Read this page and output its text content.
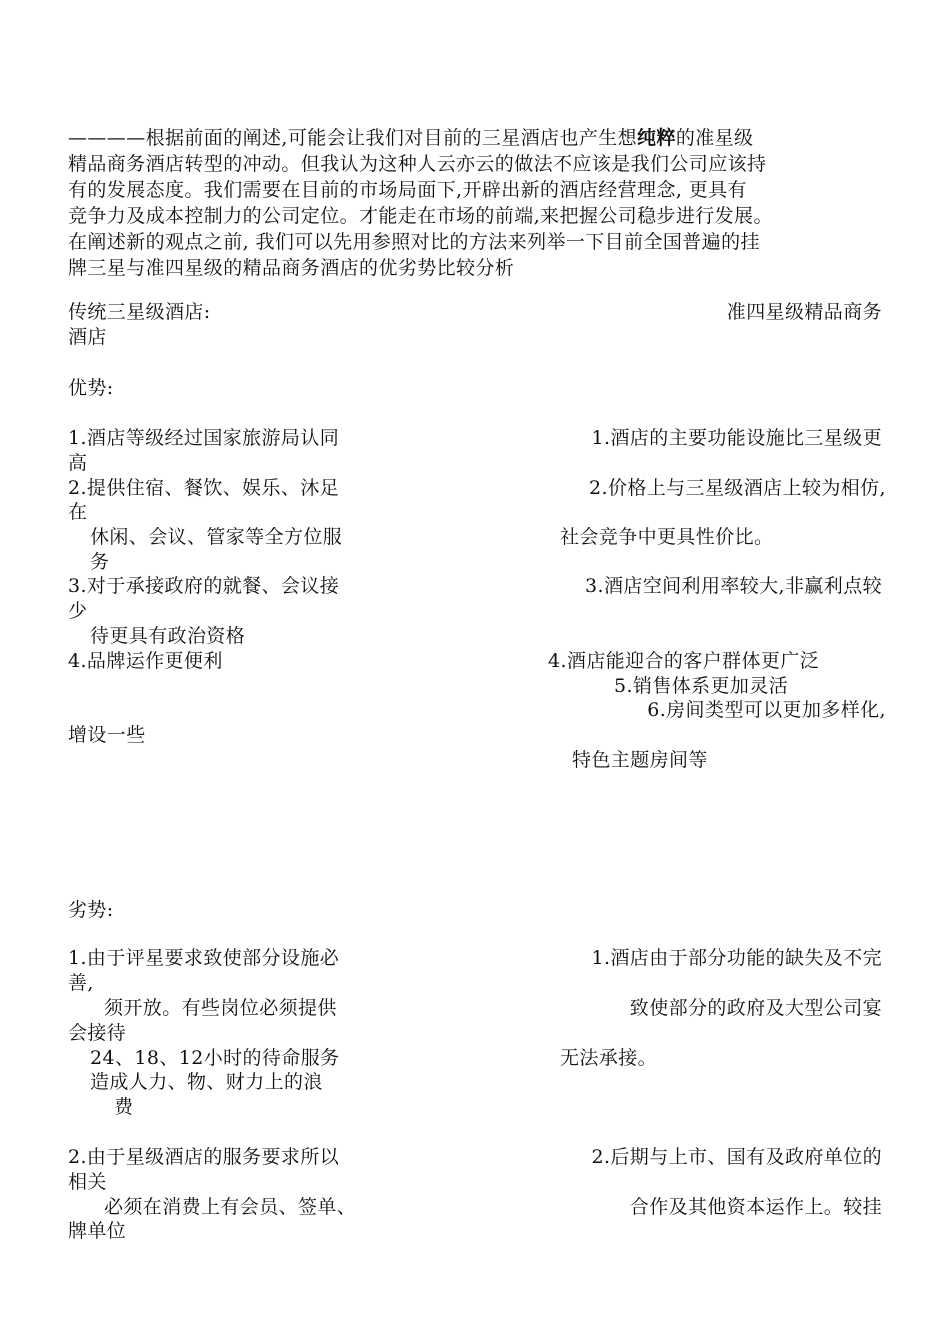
————根据前面的阐述,可能会让我们对目前的三星酒店也产生想纯粹的准星级

精品商务酒店转型的冲动。但我认为这种人云亦云的做法不应该是我们公司应该持

有的发展态度。我们需要在目前的市场局面下,开辟出新的酒店经营理念, 更具有

竞争力及成本控制力的公司定位。才能走在市场的前端,来把握公司稳步进行发展。

在阐述新的观点之前, 我们可以先用参照对比的方法来列举一下目前全国普遍的挂

牌三星与准四星级的精品商务酒店的优劣势比较分析

传统三星级酒店:	准四星级精品商务

酒店

优势:

1.酒店等级经过国家旅游局认同

高

2.提供住宿、餐饮、娱乐、沐足

在

休闲、会议、管家等全方位服

务

3.对于承接政府的就餐、会议接

少

待更具有政治资格

4.品牌运作更便利

增设一些

1.酒店的主要功能设施比三星级更

2.价格上与三星级酒店上较为相仿,

社会竞争中更具性价比。

3.酒店空间利用率较大,非赢利点较

4.酒店能迎合的客户群体更广泛

5.销售体系更加灵活

6.房间类型可以更加多样化,

特色主题房间等

劣势:

1.由于评星要求致使部分设施必

善,

须开放。有些岗位必须提供

会接待

24、18、12小时的待命服务

造成人力、物、财力上的浪

费

2.由于星级酒店的服务要求所以

相关

必须在消费上有会员、签单、

牌单位

1.酒店由于部分功能的缺失及不完

致使部分的政府及大型公司宴

无法承接。

2.后期与上市、国有及政府单位的

合作及其他资本运作上。较挂
